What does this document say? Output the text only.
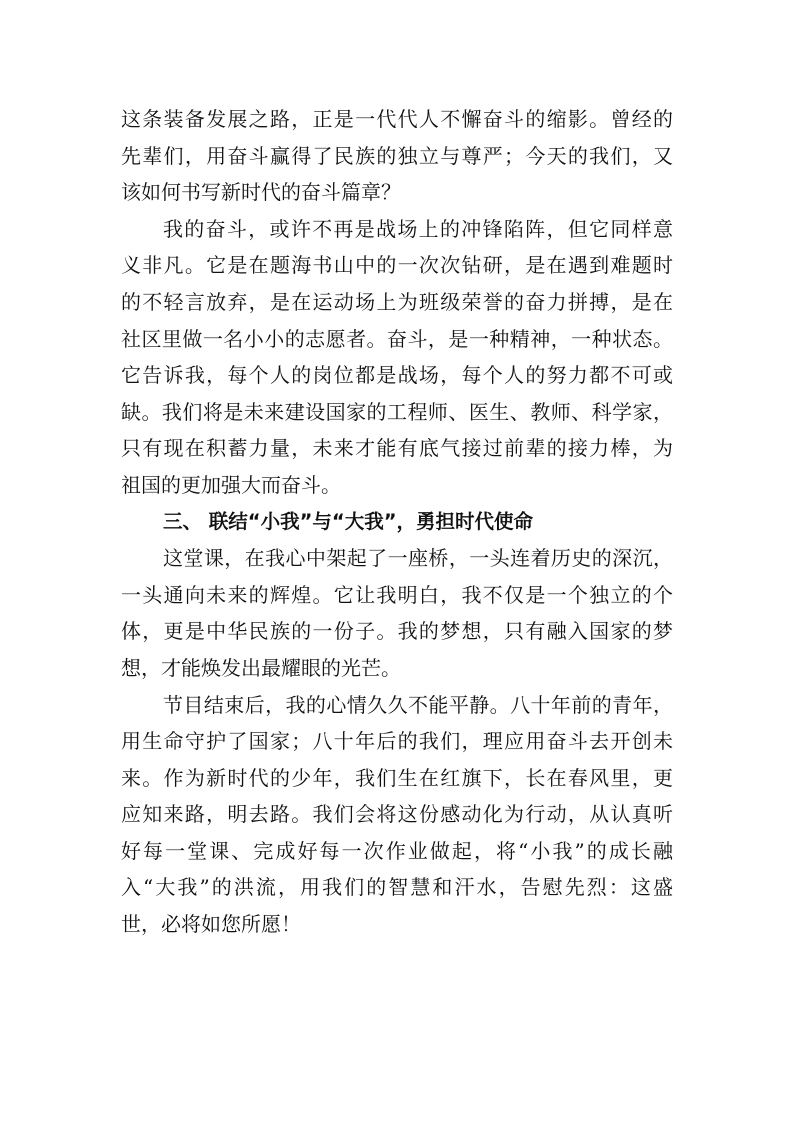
这条装备发展之路，正是一代代人不懈奋斗的缩影。曾经的
先辈们，用奋斗赢得了民族的独立与尊严；今天的我们，又
该如何书写新时代的奋斗篇章？
我的奋斗，或许不再是战场上的冲锋陷阵，但它同样意
义非凡。它是在题海书山中的一次次钻研，是在遇到难题时
的不轻言放弃，是在运动场上为班级荣誉的奋力拼搏，是在
社区里做一名小小的志愿者。奋斗，是一种精神，一种状态。
它告诉我，每个人的岗位都是战场，每个人的努力都不可或
缺。我们将是未来建设国家的工程师、医生、教师、科学家，
只有现在积蓄力量，未来才能有底气接过前辈的接力棒，为
祖国的更加强大而奋斗。
三、 联结“小我”与“大我”，勇担时代使命
这堂课，在我心中架起了一座桥，一头连着历史的深沉，
一头通向未来的辉煌。它让我明白，我不仅是一个独立的个
体，更是中华民族的一份子。我的梦想，只有融入国家的梦
想，才能焕发出最耀眼的光芒。
节目结束后，我的心情久久不能平静。八十年前的青年，
用生命守护了国家；八十年后的我们，理应用奋斗去开创未
来。作为新时代的少年，我们生在红旗下，长在春风里，更
应知来路，明去路。我们会将这份感动化为行动，从认真听
好每一堂课、完成好每一次作业做起，将“小我”的成长融
入“大我”的洪流，用我们的智慧和汗水，告慰先烈：这盛
世，必将如您所愿！
